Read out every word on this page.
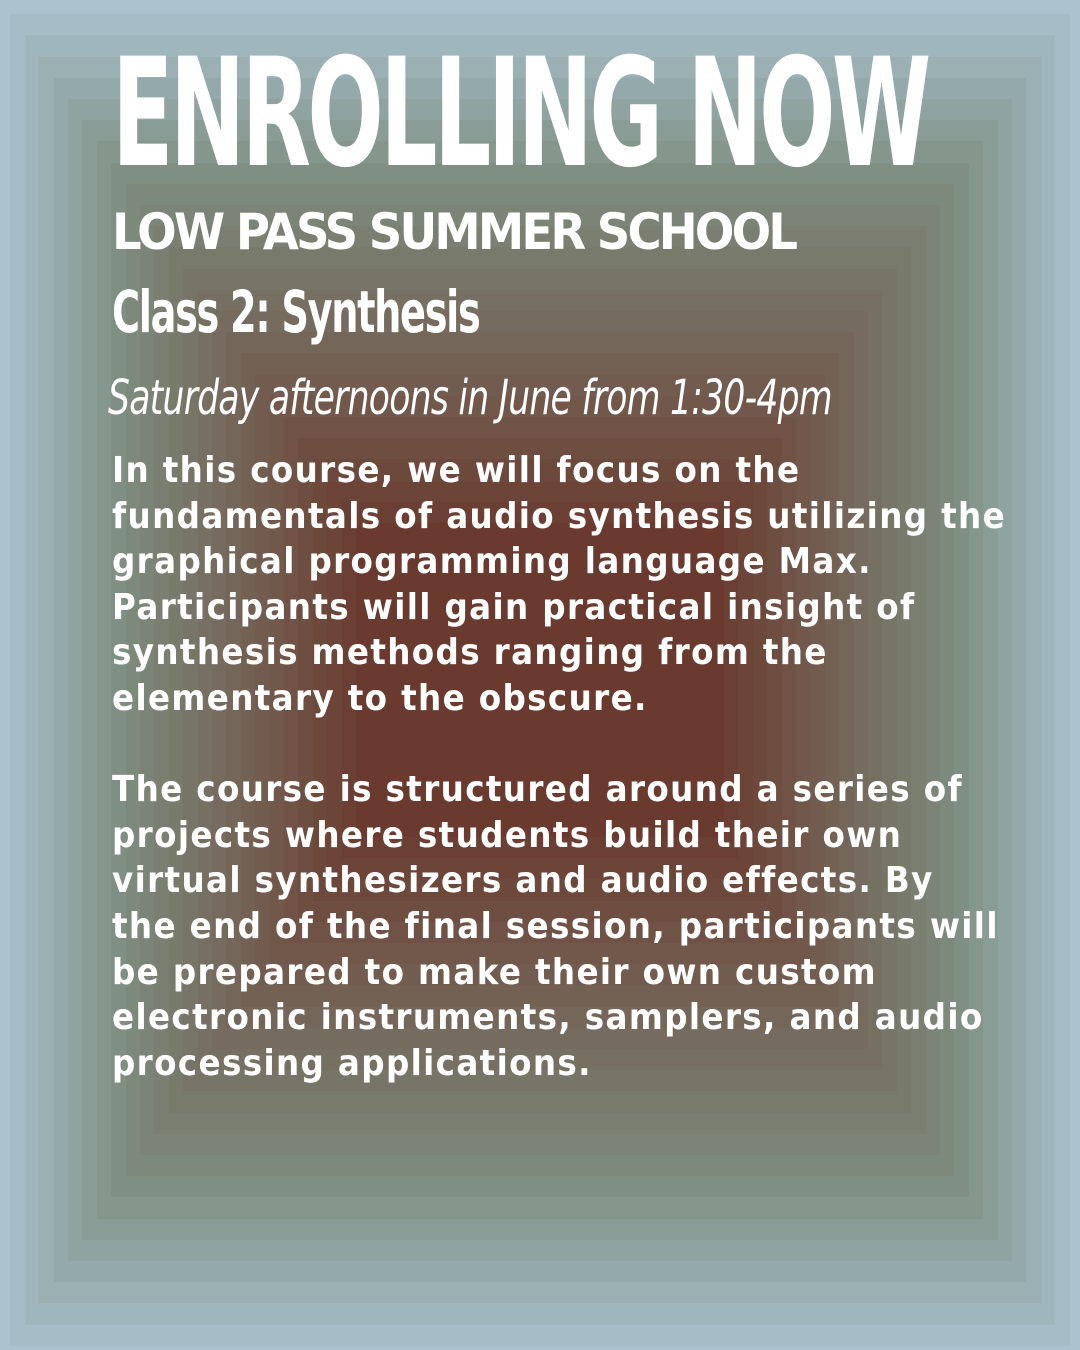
ENROLLING NOW
LOW PASS SUMMER SCHOOL
Class 2: Synthesis
Saturday afternoons in June from 1:30-4pm

In this course, we will focus on the fundamentals of audio synthesis utilizing the graphical programming language Max. Participants will gain practical insight of synthesis methods ranging from the elementary to the obscure.

The course is structured around a series of projects where students build their own virtual synthesizers and audio effects. By the end of the final session, participants will be prepared to make their own custom electronic instruments, samplers, and audio processing applications.
